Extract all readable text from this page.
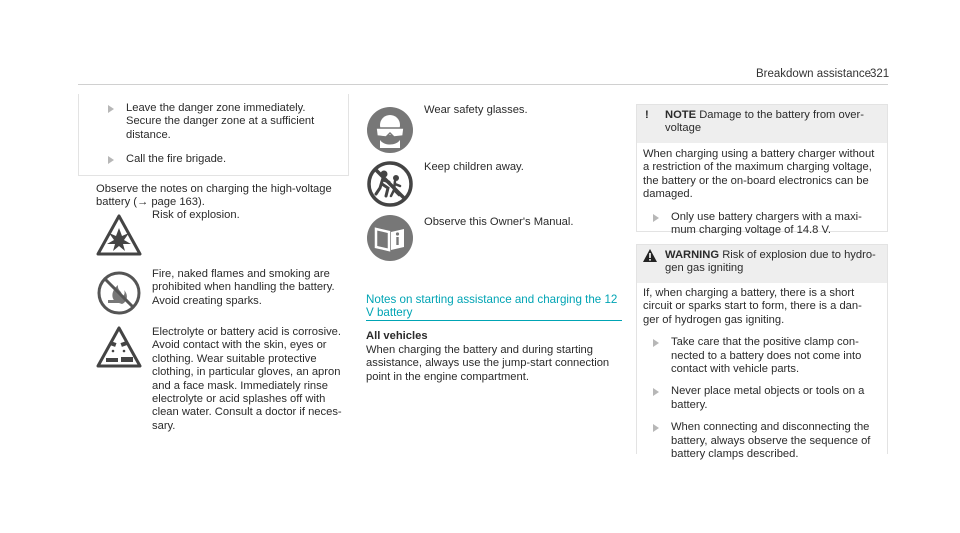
Breakdown assistance
321

Leave the danger zone immediately.

Secure the danger zone at a sufficient

distance.

Call the fire brigade.

Observe the notes on charging the high-voltage

battery (→ page 163).

Risk of explosion.

Fire, naked flames and smoking are

prohibited when handling the battery.

Avoid creating sparks.

Electrolyte or battery acid is corrosive.

Avoid contact with the skin, eyes or

clothing. Wear suitable protective

clothing, in particular gloves, an apron

and a face mask. Immediately rinse

electrolyte or acid splashes off with

clean water. Consult a doctor if neces-

sary.

Wear safety glasses.
Keep children away.
Observe this Owner's Manual.

Notes on starting assistance and charging the 12

V battery

All vehicles

When charging the battery and during starting

assistance, always use the jump-start connection

point in the engine compartment.

!	NOTE Damage to the battery from over-

voltage

When charging using a battery charger without

a restriction of the maximum charging voltage,

the battery or the on-board electronics can be

damaged.

Only use battery chargers with a maxi-

mum charging voltage of 14.8 V.

WARNING Risk of explosion due to hydro-

gen gas igniting

If, when charging a battery, there is a short

circuit or sparks start to form, there is a dan-

ger of hydrogen gas igniting.

Take care that the positive clamp con-

nected to a battery does not come into

contact with vehicle parts.

Never place metal objects or tools on a

battery.

When connecting and disconnecting the

battery, always observe the sequence of

battery clamps described.
